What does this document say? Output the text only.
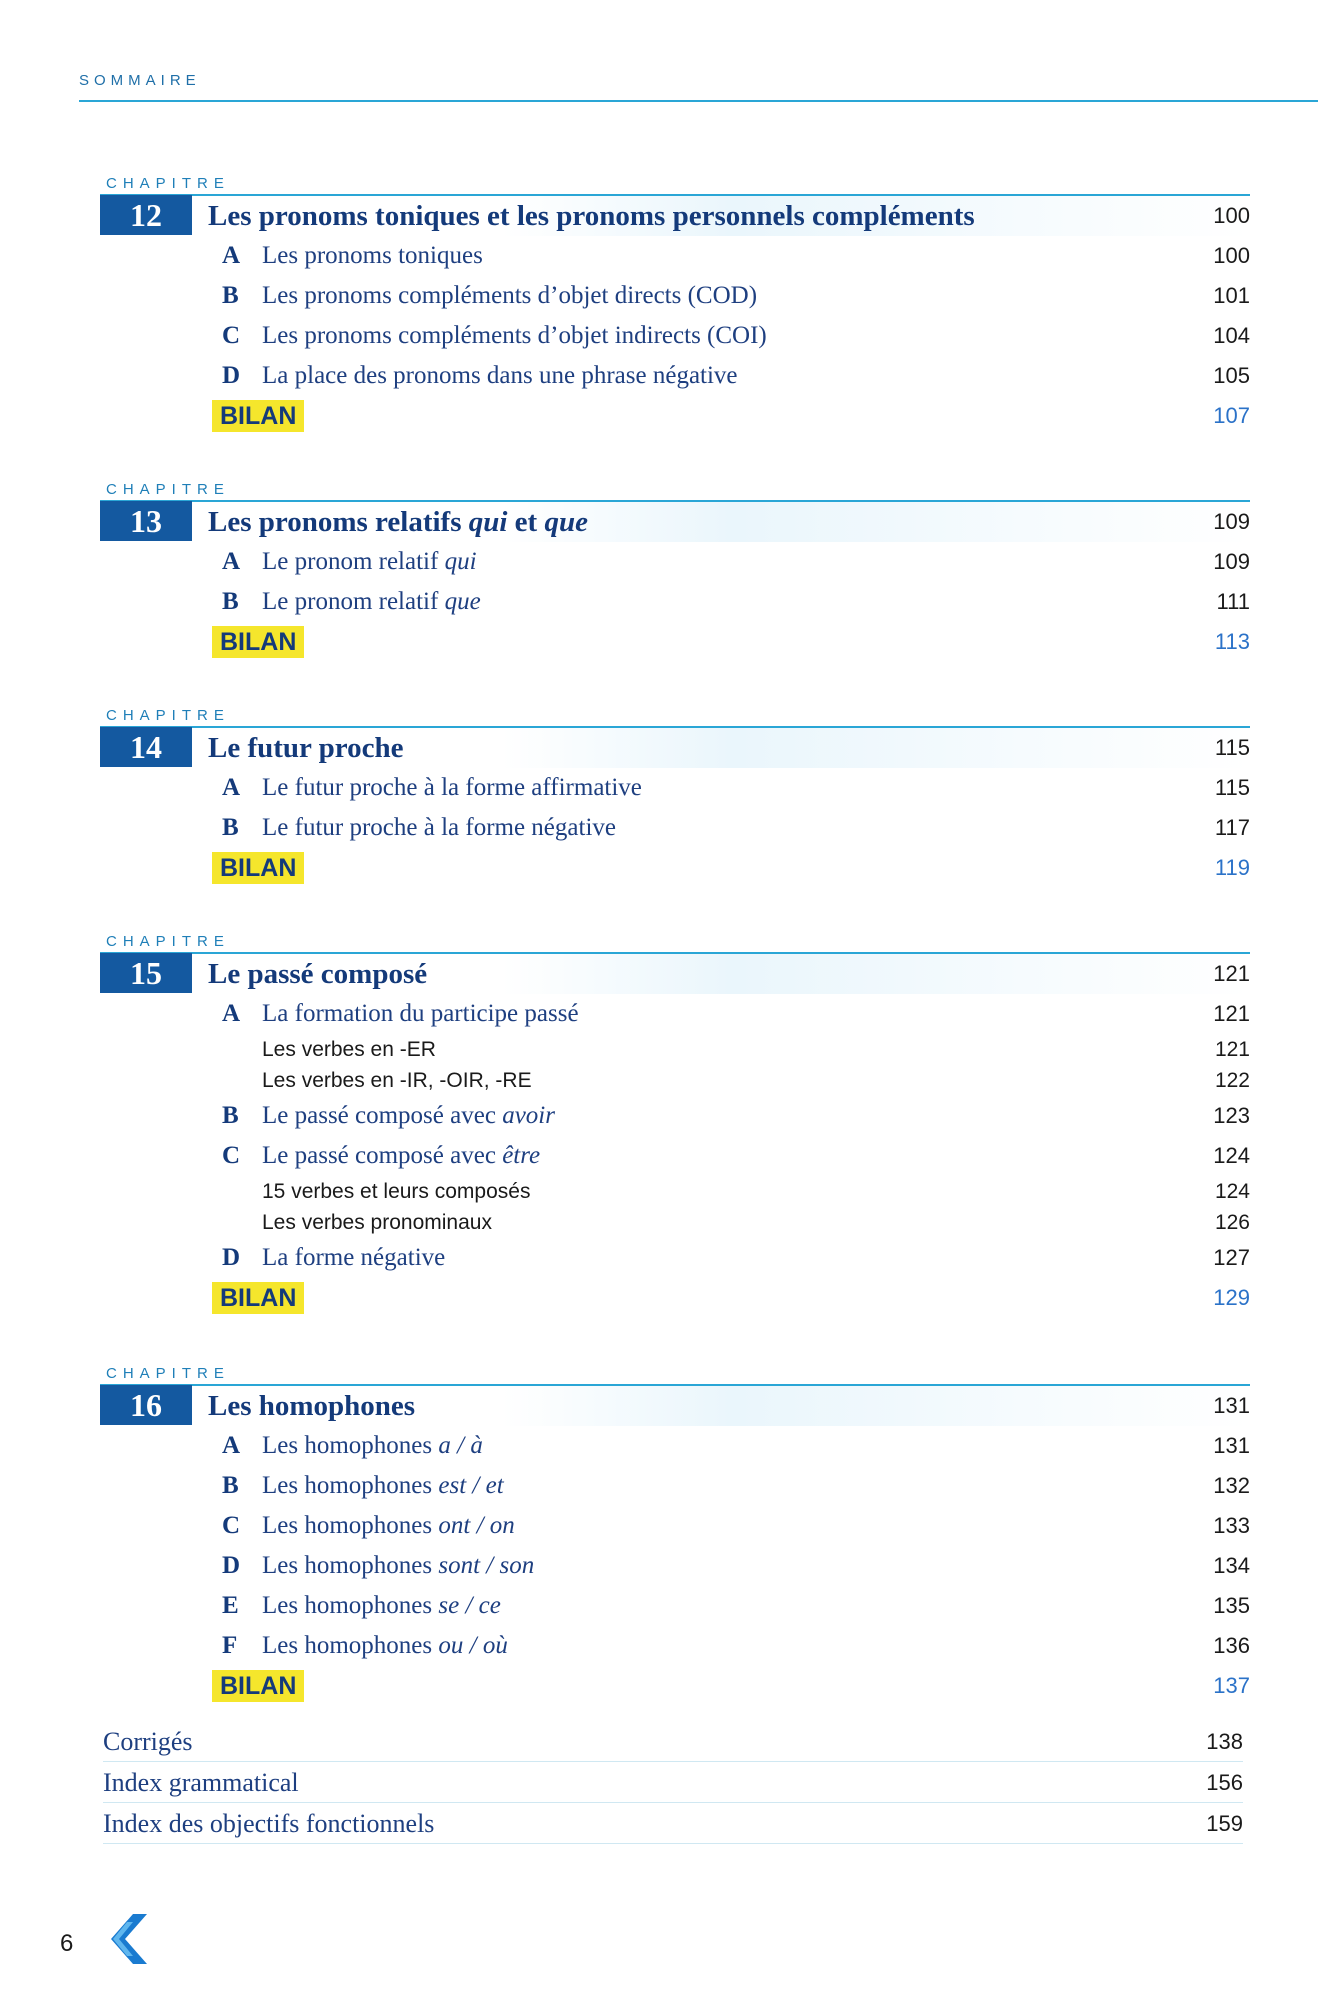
SOMMAIRE
CHAPITRE
12	Les pronoms toniques et les pronoms personnels compléments	100
A Les pronoms toniques	100
B Les pronoms compléments d’objet directs (COD)	101
C Les pronoms compléments d’objet indirects (COI)	104
D La place des pronoms dans une phrase négative	105
BILAN	107
CHAPITRE
13	Les pronoms relatifs qui et que	109
A Le pronom relatif qui	109
B Le pronom relatif que	111
BILAN	113
CHAPITRE
14	Le futur proche	115
A Le futur proche à la forme affirmative	115
B Le futur proche à la forme négative	117
BILAN	119
CHAPITRE
15	Le passé composé	121
A La formation du participe passé	121
Les verbes en -ER	121
Les verbes en -IR, -OIR, -RE	122
B Le passé composé avec avoir	123
C Le passé composé avec être	124
15 verbes et leurs composés	124
Les verbes pronominaux	126
D La forme négative	127
BILAN	129
CHAPITRE
16	Les homophones	131
A Les homophones a / à	131
B Les homophones est / et	132
C Les homophones ont / on	133
D Les homophones sont / son	134
E Les homophones se / ce	135
F Les homophones ou / où	136
BILAN	137
Corrigés	138
Index grammatical	156
Index des objectifs fonctionnels	159
6
